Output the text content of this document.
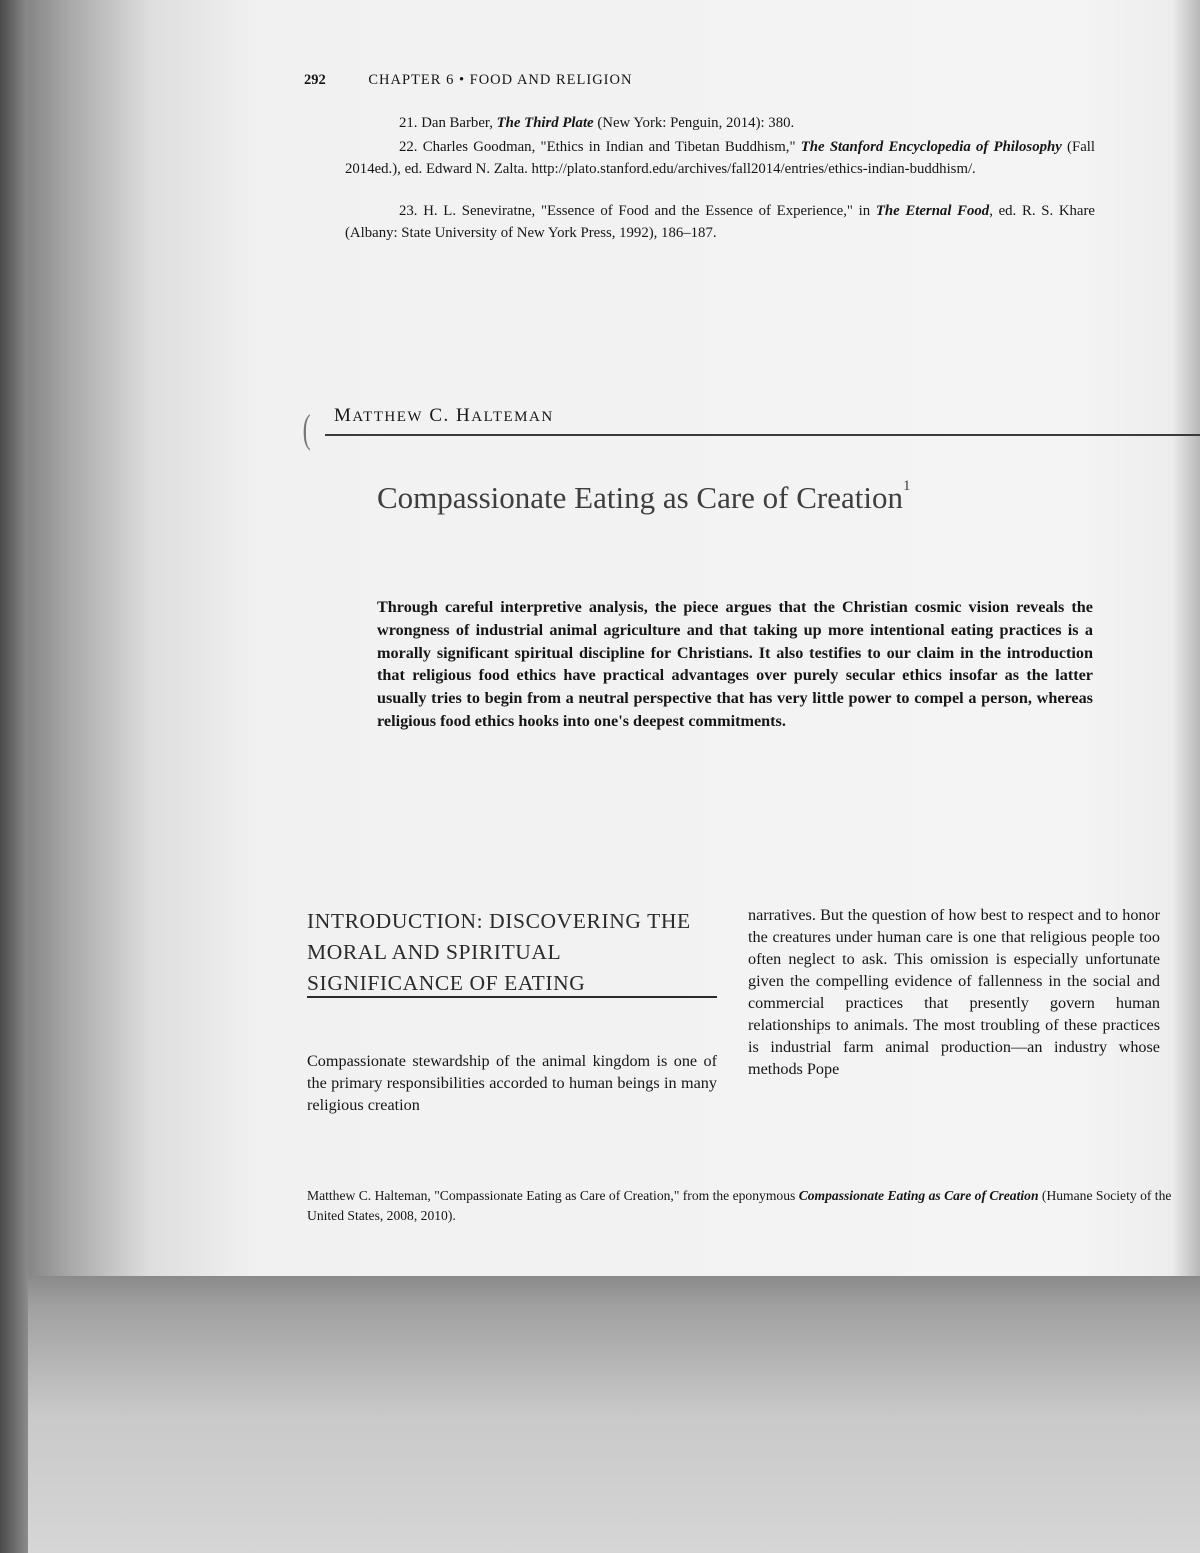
292	CHAPTER 6 • FOOD AND RELIGION
21. Dan Barber, The Third Plate (New York: Penguin, 2014): 380.
22. Charles Goodman, "Ethics in Indian and Tibetan Buddhism," The Stanford Encyclopedia of Philosophy (Fall 2014ed.), ed. Edward N. Zalta. http://plato.stanford.edu/archives/fall2014/entries/ethics-indian-buddhism/.
23. H. L. Seneviratne, "Essence of Food and the Essence of Experience," in The Eternal Food, ed. R. S. Khare (Albany: State University of New York Press, 1992), 186–187.
( MATTHEW C. HALTEMAN
Compassionate Eating as Care of Creation$^1$
Through careful interpretive analysis, the piece argues that the Christian cosmic vision reveals the wrongness of industrial animal agriculture and that taking up more intentional eating practices is a morally significant spiritual discipline for Christians. It also testifies to our claim in the introduction that religious food ethics have practical advantages over purely secular ethics insofar as the latter usually tries to begin from a neutral perspective that has very little power to compel a person, whereas religious food ethics hooks into one's deepest commitments.
INTRODUCTION: DISCOVERING THE MORAL AND SPIRITUAL SIGNIFICANCE OF EATING
Compassionate stewardship of the animal kingdom is one of the primary responsibilities accorded to human beings in many religious creation
narratives. But the question of how best to respect and to honor the creatures under human care is one that religious people too often neglect to ask. This omission is especially unfortunate given the compelling evidence of fallenness in the social and commercial practices that presently govern human relationships to animals. The most troubling of these practices is industrial farm animal production—an industry whose methods Pope
Matthew C. Halteman, "Compassionate Eating as Care of Creation," from the eponymous Compassionate Eating as Care of Creation (Humane Society of the United States, 2008, 2010).
